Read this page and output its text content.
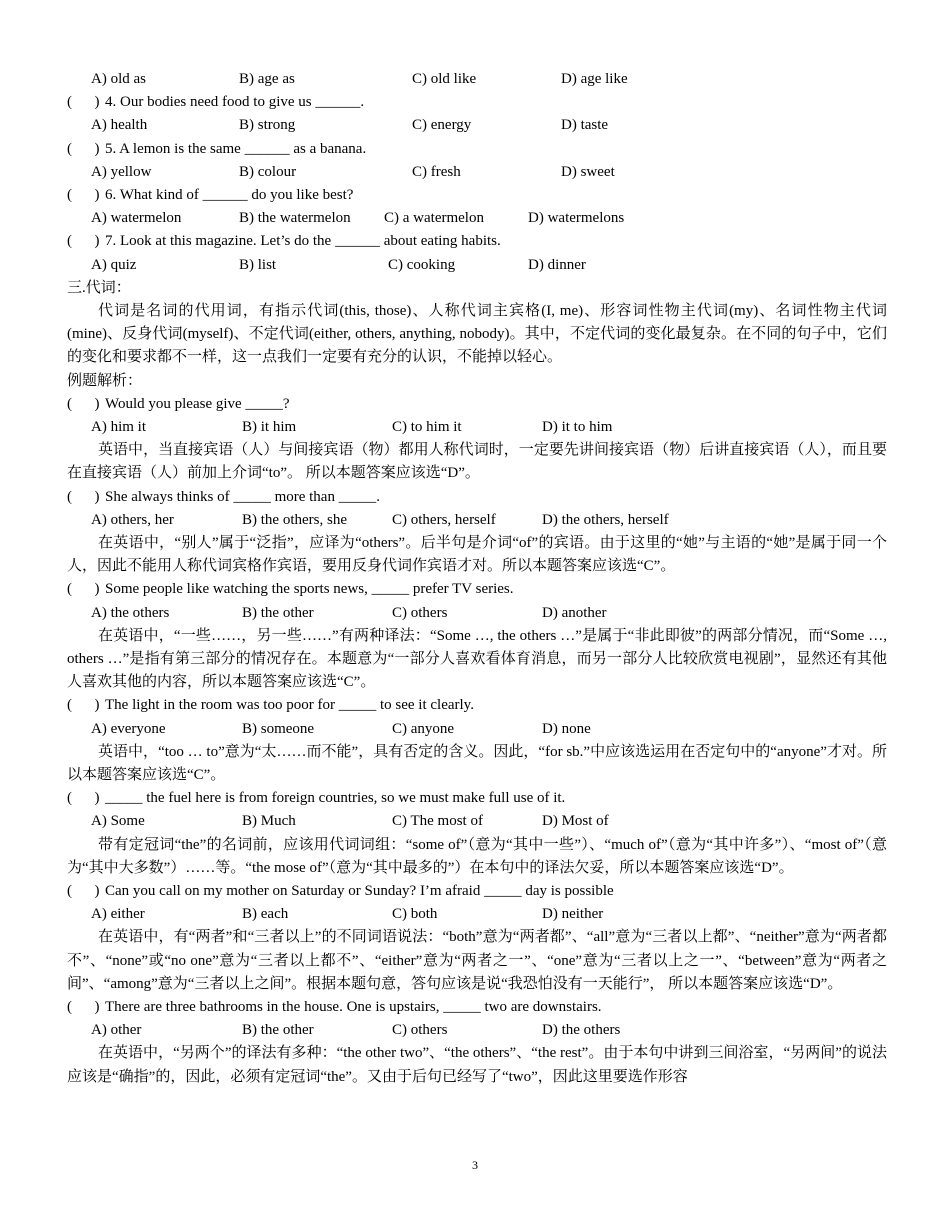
A) old as	B) age as	C) old like	D) age like
(      ) 4. Our bodies need food to give us ______.
A) health	B) strong	C) energy	D) taste
(      ) 5. A lemon is the same ______ as a banana.
A) yellow	B) colour	C) fresh	D) sweet
(      ) 6. What kind of ______ do you like best?
A) watermelon	B) the watermelon C) a watermelon	D) watermelons
(      ) 7. Look at this magazine. Let’s do the ______ about eating habits.
A) quiz	B) list	C) cooking	D) dinner
三.代词：
代词是名词的代用词，有指示代词(this, those)、人称代词主宾格(I, me)、形容词性物主代词(my)、名词性物主代词(mine)、反身代词(myself)、不定代词(either, others, anything, nobody)。其中，不定代词的变化最复杂。在不同的句子中，它们的变化和要求都不一样，这一点我们一定要有充分的认识，不能掉以轻心。
例题解析：
(      ) Would you please give _____?
A) him it	B) it him	C) to him it	D) it to him
英语中，当直接宾语（人）与间接宾语（物）都用人称代词时，一定要先讲间接宾语（物）后讲直接宾语（人），而且要在直接宾语（人）前加上介词“to”。 所以本题答案应该选“D”。
(      ) She always thinks of _____ more than _____.
A) others, her	B) the others, she	C) others, herself	D) the others, herself
在英语中，“别人”属于“泛指”，应译为“others”。后半句是介词“of”的宾语。由于这里的“她”与主语的“她”是属于同一个人，因此不能用人称代词宾格作宾语，要用反身代词作宾语才对。所以本题答案应该选“C”。
(      ) Some people like watching the sports news, _____ prefer TV series.
A) the others	B) the other	C) others	D) another
在英语中，“一些……，另一些……”有两种译法：“Some …, the others …”是属于“非此即彼”的两部分情况，而“Some …, others …”是指有第三部分的情况存在。本题意为“一部分人喜欢看体育消息，而另一部分人比较欣赏电视剧”，显然还有其他人喜欢其他的内容，所以本题答案应该选“C”。
(      ) The light in the room was too poor for _____ to see it clearly.
A) everyone	B) someone	C) anyone	D) none
英语中，“too … to”意为“太……而不能”，具有否定的含义。因此，“for sb.”中应该选运用在否定句中的“anyone”才对。所以本题答案应该选“C”。
(      ) _____ the fuel here is from foreign countries, so we must make full use of it.
A) Some	B) Much	C) The most of	D) Most of
带有定冠词“the”的名词前，应该用代词词组：“some of”（意为“其中一些”）、“much of”（意为“其中许多”）、“most of”（意为“其中大多数”）……等。“the mose of”（意为“其中最多的”）在本句中的译法欠妥，所以本题答案应该选“D”。
(      ) Can you call on my mother on Saturday or Sunday? I’m afraid _____ day is possible
A) either	B) each	C) both	D) neither
在英语中，有“两者”和“三者以上”的不同词语说法：“both”意为“两者都”、“all”意为“三者以上都”、“neither”意为“两者都不”、“none”或“no one”意为“三者以上都不”、“either”意为“两者之一”、“one”意为“三者以上之一”、“between”意为“两者之间”、“among”意为“三者以上之间”。根据本题句意，答句应该是说“我恐怕没有一天能行”， 所以本题答案应该选“D”。
(      ) There are three bathrooms in the house. One is upstairs, _____ two are downstairs.
A) other	B) the other	C) others	D) the others
在英语中，“另两个”的译法有多种：“the other two”、“the others”、“the rest”。由于本句中讲到三间浴室，“另两间”的说法应该是“确指”的，因此，必须有定冠词“the”。又由于后句已经写了“two”，因此这里要选作形容
3
